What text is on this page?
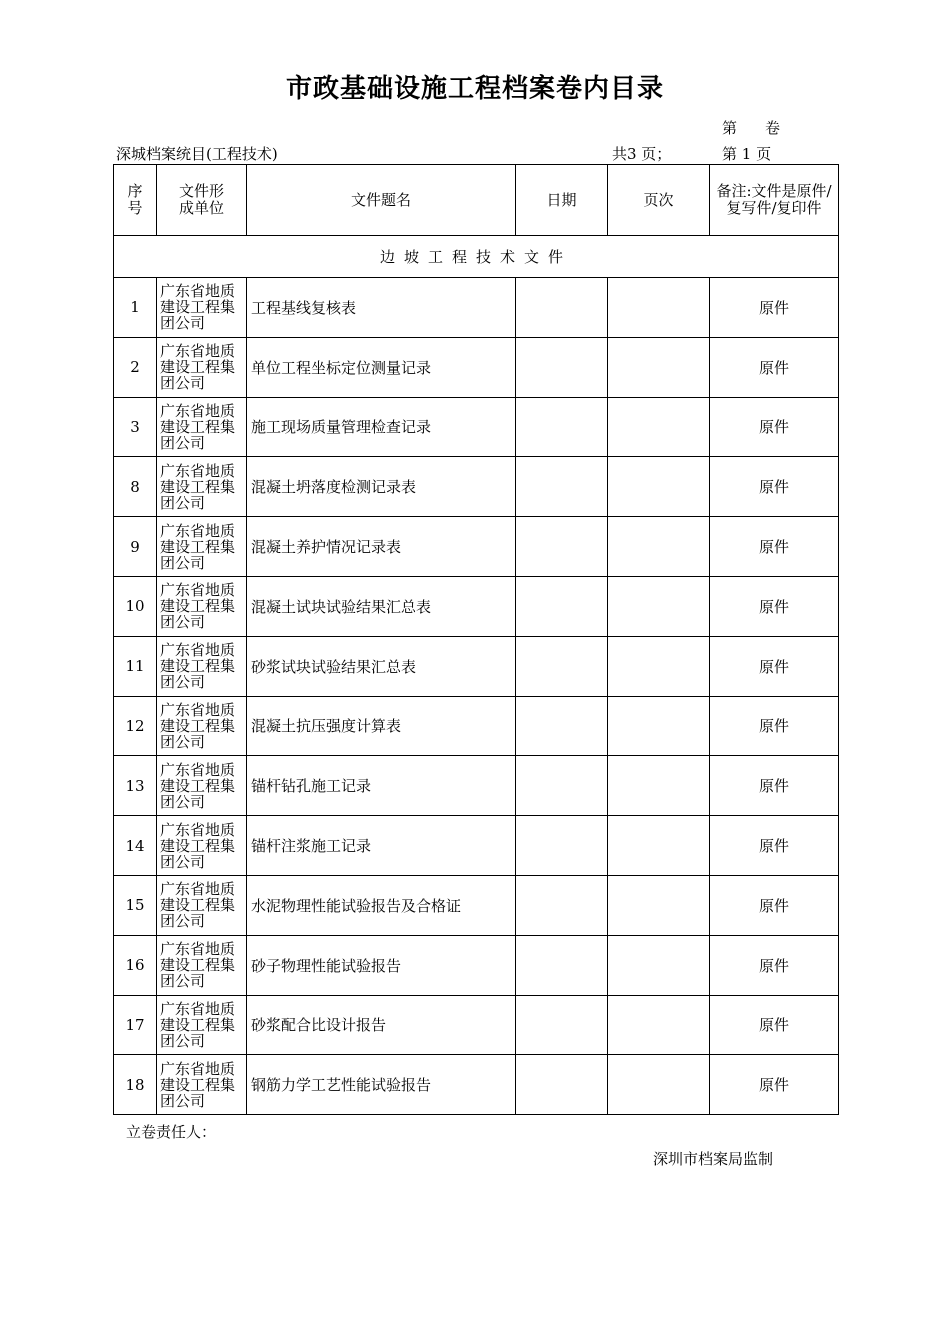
市政基础设施工程档案卷内目录
第 卷
深城档案统目(工程技术)	共3 页；	第 1 页
序号	文件形成单位	文件题名	日期	页次	备注:文件是原件/复写件/复印件
边坡工程技术文件					
1	广东省地质建设工程集团公司	工程基线复核表			原件
2	广东省地质建设工程集团公司	单位工程坐标定位测量记录			原件
3	广东省地质建设工程集团公司	施工现场质量管理检查记录			原件
8	广东省地质建设工程集团公司	混凝土坍落度检测记录表			原件
9	广东省地质建设工程集团公司	混凝土养护情况记录表			原件
10	广东省地质建设工程集团公司	混凝土试块试验结果汇总表			原件
11	广东省地质建设工程集团公司	砂浆试块试验结果汇总表			原件
12	广东省地质建设工程集团公司	混凝土抗压强度计算表			原件
13	广东省地质建设工程集团公司	锚杆钻孔施工记录			原件
14	广东省地质建设工程集团公司	锚杆注浆施工记录			原件
15	广东省地质建设工程集团公司	水泥物理性能试验报告及合格证			原件
16	广东省地质建设工程集团公司	砂子物理性能试验报告			原件
17	广东省地质建设工程集团公司	砂浆配合比设计报告			原件
18	广东省地质建设工程集团公司	钢筋力学工艺性能试验报告			原件
立卷责任人：
深圳市档案局监制
